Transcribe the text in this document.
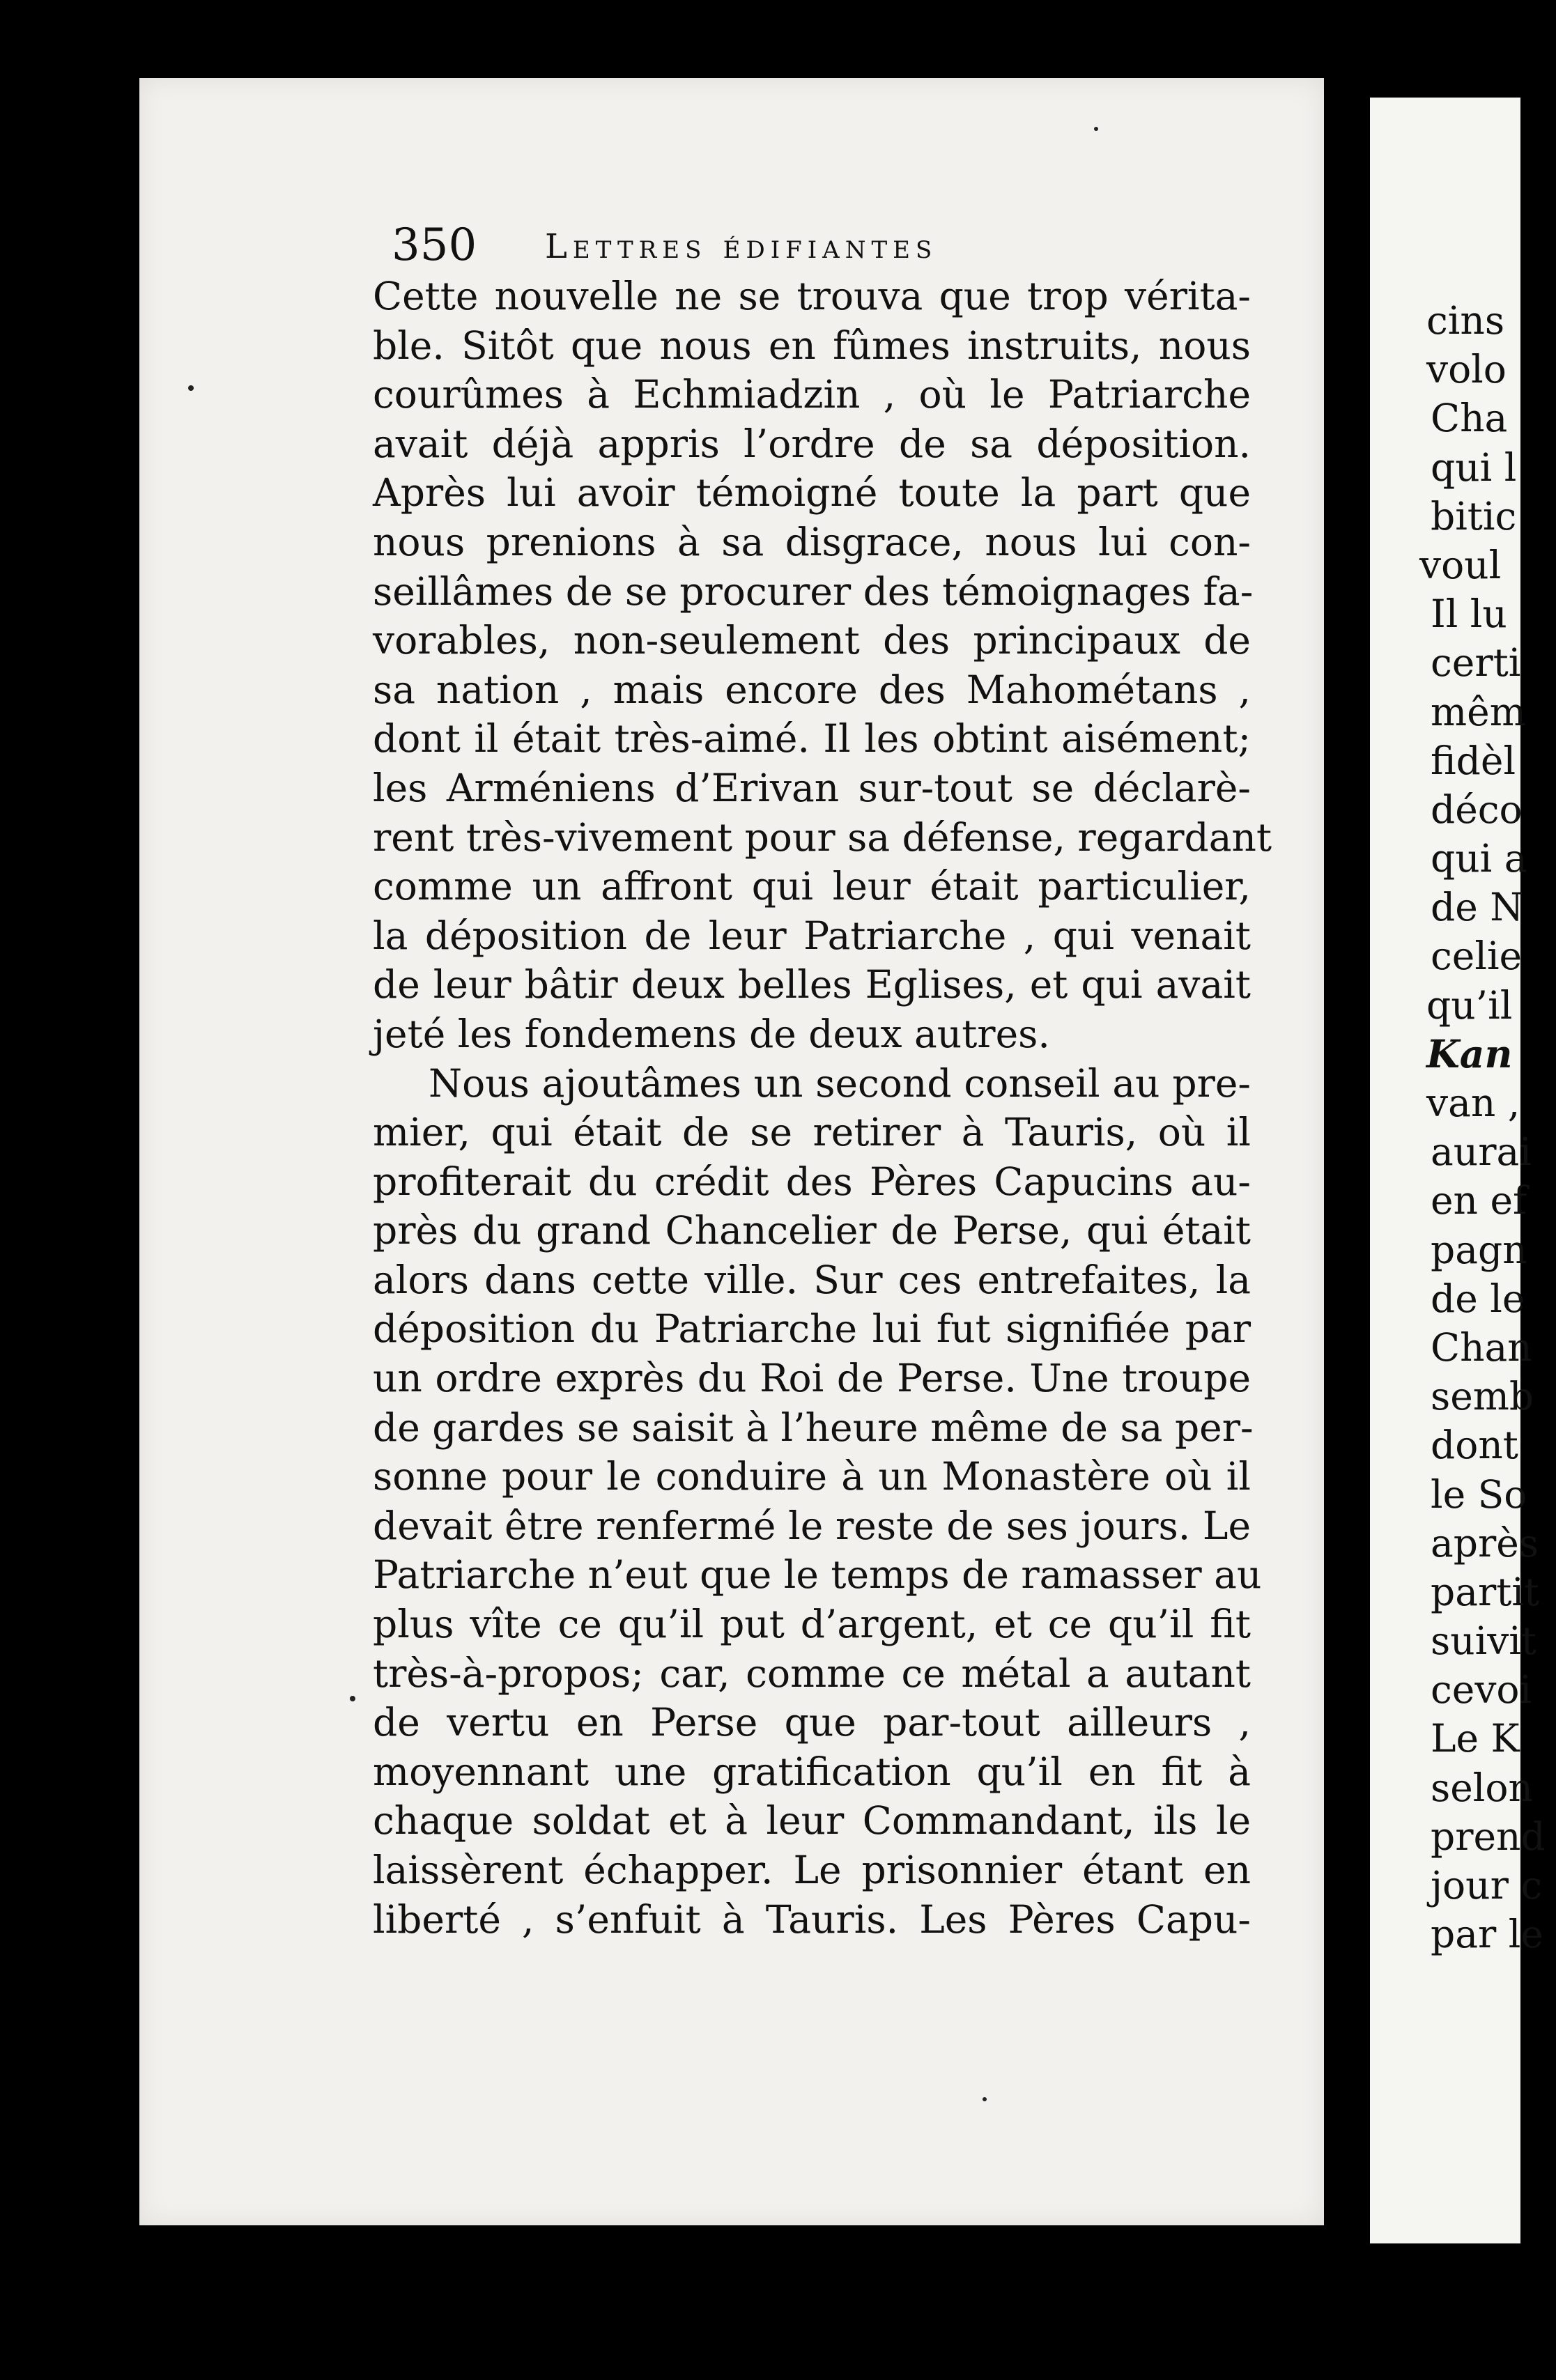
350 Lettres édifiantes
Cette nouvelle ne se trouva que trop vérita-
ble. Sitôt que nous en fûmes instruits, nous
courûmes à Echmiadzin , où le Patriarche
avait déjà appris l’ordre de sa déposition.
Après lui avoir témoigné toute la part que
nous prenions à sa disgrace, nous lui con-
seillâmes de se procurer des témoignages fa-
vorables, non-seulement des principaux de
sa nation , mais encore des Mahométans ,
dont il était très-aimé. Il les obtint aisément;
les Arméniens d’Erivan sur-tout se déclarè-
rent très-vivement pour sa défense, regardant
comme un affront qui leur était particulier,
la déposition de leur Patriarche , qui venait
de leur bâtir deux belles Eglises, et qui avait
jeté les fondemens de deux autres.
Nous ajoutâmes un second conseil au pre-
mier, qui était de se retirer à Tauris, où il
profiterait du crédit des Pères Capucins au-
près du grand Chancelier de Perse, qui était
alors dans cette ville. Sur ces entrefaites, la
déposition du Patriarche lui fut signifiée par
un ordre exprès du Roi de Perse. Une troupe
de gardes se saisit à l’heure même de sa per-
sonne pour le conduire à un Monastère où il
devait être renfermé le reste de ses jours. Le
Patriarche n’eut que le temps de ramasser au
plus vîte ce qu’il put d’argent, et ce qu’il fit
très-à-propos; car, comme ce métal a autant
de vertu en Perse que par-tout ailleurs ,
moyennant une gratification qu’il en fit à
chaque soldat et à leur Commandant, ils le
laissèrent échapper. Le prisonnier étant en
liberté , s’enfuit à Tauris. Les Pères Capu-
cins
volo
Cha
qui l
bitic
voul
Il lu
certi
mêm
fidèl
déco
qui a
de N
celie
qu’il
Kan
van ,
aurai
en ef
pagn
de le
Chan
semb
dont
le So
après
partit
suivit
cevoi
Le K
selon
prend
jour c
par le
